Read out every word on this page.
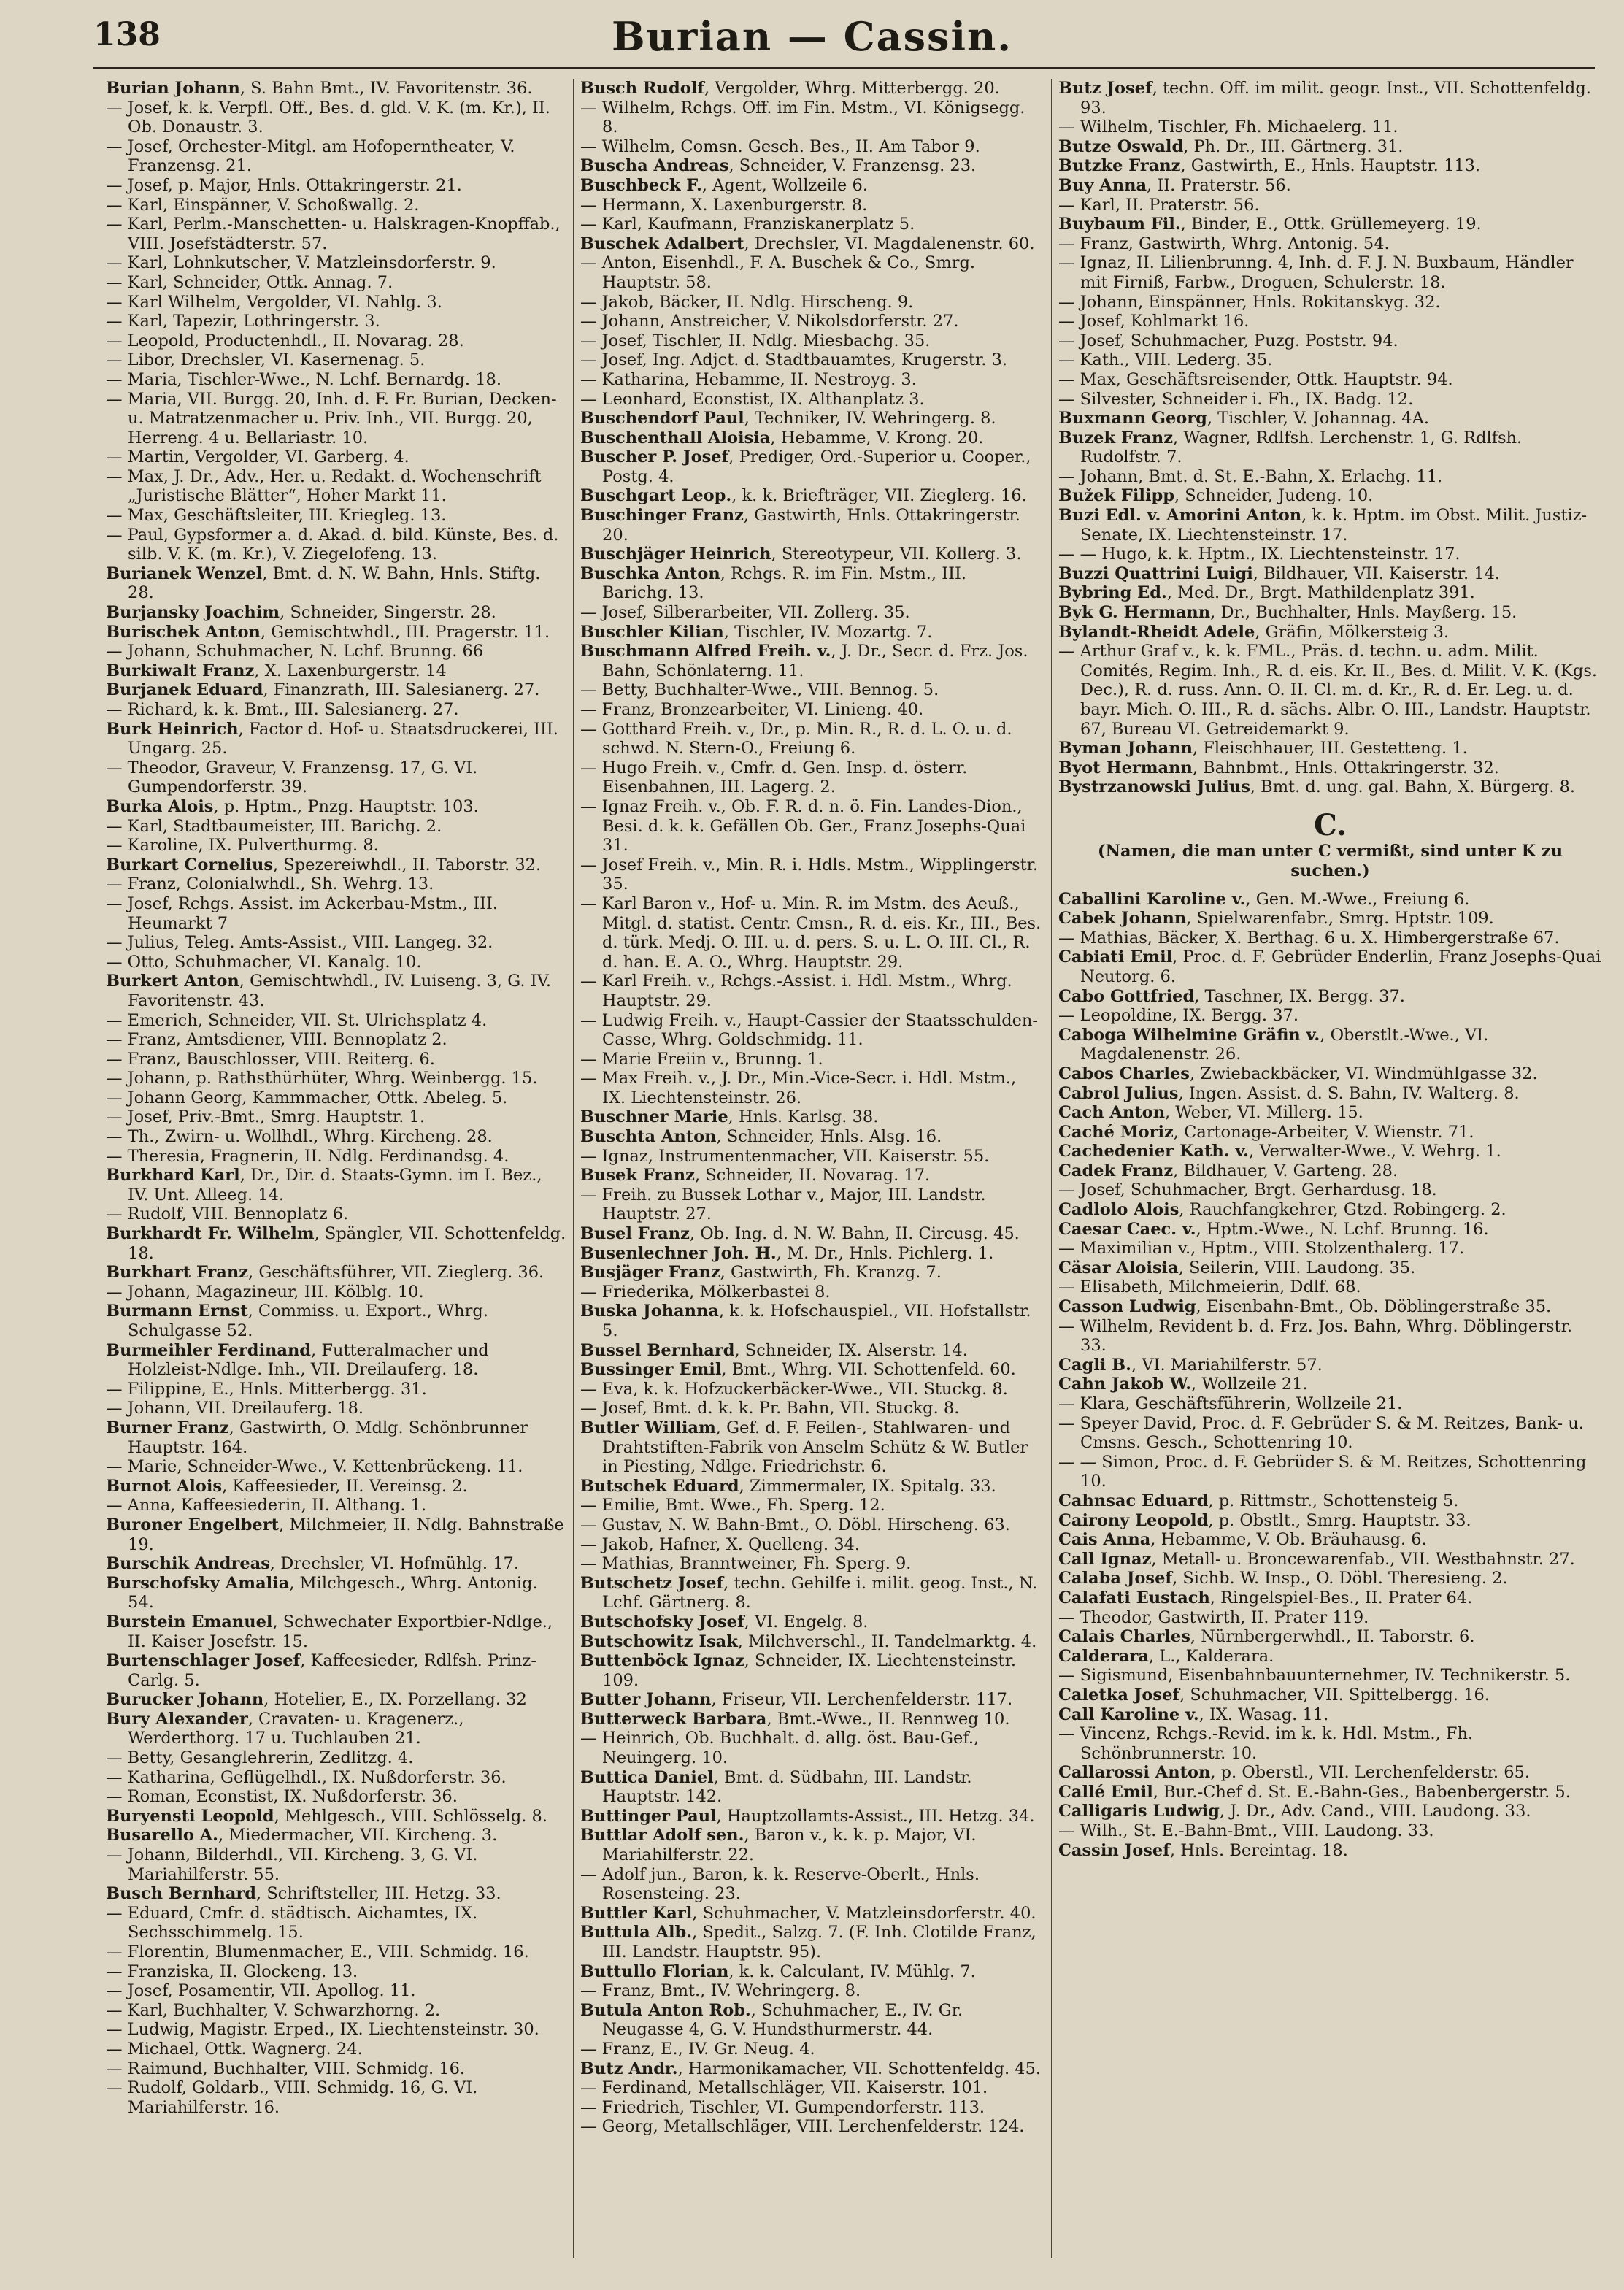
138	Burian — Cassin.
Burian Johann, S. Bahn Bmt., IV. Favoritenstr. 36.
— Josef, k. k. Verpfl. Off., Bes. d. gld. V. K. (m. Kr.), II. Ob. Donaustr. 3.
— Josef, Orchester-Mitgl. am Hofoperntheater, V. Franzensg. 21.
— Josef, p. Major, Hnls. Ottakringerstr. 21.
— Karl, Einspänner, V. Schoßwallg. 2.
— Karl, Perlm.-Manschetten- u. Halskragen-Knopffab., VIII. Josefstädterstr. 57.
— Karl, Lohnkutscher, V. Matzleinsdorferstr. 9.
— Karl, Schneider, Ottk. Annag. 7.
— Karl Wilhelm, Vergolder, VI. Nahlg. 3.
— Karl, Tapezir, Lothringerstr. 3.
— Leopold, Productenhdl., II. Novarag. 28.
— Libor, Drechsler, VI. Kasernenag. 5.
— Maria, Tischler-Wwe., N. Lchf. Bernardg. 18.
— Maria, VII. Burgg. 20, Inh. d. F. Fr. Burian, Decken- u. Matratzenmacher u. Priv. Inh., VII. Burgg. 20, Herreng. 4 u. Bellariastr. 10.
— Martin, Vergolder, VI. Garberg. 4.
— Max, J. Dr., Adv., Her. u. Redakt. d. Wochenschrift „Juristische Blätter“, Hoher Markt 11.
— Max, Geschäftsleiter, III. Kriegleg. 13.
— Paul, Gypsformer a. d. Akad. d. bild. Künste, Bes. d. silb. V. K. (m. Kr.), V. Ziegelofeng. 13.
Burianek Wenzel, Bmt. d. N. W. Bahn, Hnls. Stiftg. 28.
Burjansky Joachim, Schneider, Singerstr. 28.
Burischek Anton, Gemischtwhdl., III. Pragerstr. 11.
— Johann, Schuhmacher, N. Lchf. Brunng. 66
Burkiwalt Franz, X. Laxenburgerstr. 14
Burjanek Eduard, Finanzrath, III. Salesianerg. 27.
— Richard, k. k. Bmt., III. Salesianerg. 27.
Burk Heinrich, Factor d. Hof- u. Staatsdruckerei, III. Ungarg. 25.
— Theodor, Graveur, V. Franzensg. 17, G. VI. Gumpendorferstr. 39.
Burka Alois, p. Hptm., Pnzg. Hauptstr. 103.
— Karl, Stadtbaumeister, III. Barichg. 2.
— Karoline, IX. Pulverthurmg. 8.
Burkart Cornelius, Spezereiwhdl., II. Taborstr. 32.
— Franz, Colonialwhdl., Sh. Wehrg. 13.
— Josef, Rchgs. Assist. im Ackerbau-Mstm., III. Heumarkt 7
— Julius, Teleg. Amts-Assist., VIII. Langeg. 32.
— Otto, Schuhmacher, VI. Kanalg. 10.
Burkert Anton, Gemischtwhdl., IV. Luiseng. 3, G. IV. Favoritenstr. 43.
— Emerich, Schneider, VII. St. Ulrichsplatz 4.
— Franz, Amtsdiener, VIII. Bennoplatz 2.
— Franz, Bauschlosser, VIII. Reiterg. 6.
— Johann, p. Rathsthürhüter, Whrg. Weinbergg. 15.
— Johann Georg, Kammmacher, Ottk. Abeleg. 5.
— Josef, Priv.-Bmt., Smrg. Hauptstr. 1.
— Th., Zwirn- u. Wollhdl., Whrg. Kircheng. 28.
— Theresia, Fragnerin, II. Ndlg. Ferdinandsg. 4.
Burkhard Karl, Dr., Dir. d. Staats-Gymn. im I. Bez., IV. Unt. Alleeg. 14.
— Rudolf, VIII. Bennoplatz 6.
Burkhardt Fr. Wilhelm, Spängler, VII. Schottenfeldg. 18.
Burkhart Franz, Geschäftsführer, VII. Zieglerg. 36.
— Johann, Magazineur, III. Kölblg. 10.
Burmann Ernst, Commiss. u. Export., Whrg. Schulgasse 52.
Burmeihler Ferdinand, Futteralmacher und Holzleist-Ndlge. Inh., VII. Dreilauferg. 18.
— Filippine, E., Hnls. Mitterbergg. 31.
— Johann, VII. Dreilauferg. 18.
Burner Franz, Gastwirth, O. Mdlg. Schönbrunner Hauptstr. 164.
— Marie, Schneider-Wwe., V. Kettenbrückeng. 11.
Burnot Alois, Kaffeesieder, II. Vereinsg. 2.
— Anna, Kaffeesiederin, II. Althang. 1.
Buroner Engelbert, Milchmeier, II. Ndlg. Bahnstraße 19.
Burschik Andreas, Drechsler, VI. Hofmühlg. 17.
Burschofsky Amalia, Milchgesch., Whrg. Antonig. 54.
Burstein Emanuel, Schwechater Exportbier-Ndlge., II. Kaiser Josefstr. 15.
Burtenschlager Josef, Kaffeesieder, Rdlfsh. Prinz-Carlg. 5.
Burucker Johann, Hotelier, E., IX. Porzellang. 32
Bury Alexander, Cravaten- u. Kragenerz., Werderthorg. 17 u. Tuchlauben 21.
— Betty, Gesanglehrerin, Zedlitzg. 4.
— Katharina, Geflügelhdl., IX. Nußdorferstr. 36.
— Roman, Econstist, IX. Nußdorferstr. 36.
Buryensti Leopold, Mehlgesch., VIII. Schlösselg. 8.
Busarello A., Miedermacher, VII. Kircheng. 3.
— Johann, Bilderhdl., VII. Kircheng. 3, G. VI. Mariahilferstr. 55.
Busch Bernhard, Schriftsteller, III. Hetzg. 33.
— Eduard, Cmfr. d. städtisch. Aichamtes, IX. Sechsschimmelg. 15.
— Florentin, Blumenmacher, E., VIII. Schmidg. 16.
— Franziska, II. Glockeng. 13.
— Josef, Posamentir, VII. Apollog. 11.
— Karl, Buchhalter, V. Schwarzhorng. 2.
— Ludwig, Magistr. Erped., IX. Liechtensteinstr. 30.
— Michael, Ottk. Wagnerg. 24.
— Raimund, Buchhalter, VIII. Schmidg. 16.
— Rudolf, Goldarb., VIII. Schmidg. 16, G. VI. Mariahilferstr. 16.
Busch Rudolf, Vergolder, Whrg. Mitterbergg. 20.
— Wilhelm, Rchgs. Off. im Fin. Mstm., VI. Königsegg. 8.
— Wilhelm, Comsn. Gesch. Bes., II. Am Tabor 9.
Buscha Andreas, Schneider, V. Franzensg. 23.
Buschbeck F., Agent, Wollzeile 6.
— Hermann, X. Laxenburgerstr. 8.
— Karl, Kaufmann, Franziskanerplatz 5.
Buschek Adalbert, Drechsler, VI. Magdalenenstr. 60.
— Anton, Eisenhdl., F. A. Buschek & Co., Smrg. Hauptstr. 58.
— Jakob, Bäcker, II. Ndlg. Hirscheng. 9.
— Johann, Anstreicher, V. Nikolsdorferstr. 27.
— Josef, Tischler, II. Ndlg. Miesbachg. 35.
— Josef, Ing. Adjct. d. Stadtbauamtes, Krugerstr. 3.
— Katharina, Hebamme, II. Nestroyg. 3.
— Leonhard, Econstist, IX. Althanplatz 3.
Buschendorf Paul, Techniker, IV. Wehringerg. 8.
Buschenthall Aloisia, Hebamme, V. Krong. 20.
Buscher P. Josef, Prediger, Ord.-Superior u. Cooper., Postg. 4.
Buschgart Leop., k. k. Briefträger, VII. Zieglerg. 16.
Buschinger Franz, Gastwirth, Hnls. Ottakringerstr. 20.
Buschjäger Heinrich, Stereotypeur, VII. Kollerg. 3.
Buschka Anton, Rchgs. R. im Fin. Mstm., III. Barichg. 13.
— Josef, Silberarbeiter, VII. Zollerg. 35.
Buschler Kilian, Tischler, IV. Mozartg. 7.
Buschmann Alfred Freih. v., J. Dr., Secr. d. Frz. Jos. Bahn, Schönlaterng. 11.
— Betty, Buchhalter-Wwe., VIII. Bennog. 5.
— Franz, Bronzearbeiter, VI. Linieng. 40.
— Gotthard Freih. v., Dr., p. Min. R., R. d. L. O. u. d. schwd. N. Stern-O., Freiung 6.
— Hugo Freih. v., Cmfr. d. Gen. Insp. d. österr. Eisenbahnen, III. Lagerg. 2.
— Ignaz Freih. v., Ob. F. R. d. n. ö. Fin. Landes-Dion., Besi. d. k. k. Gefällen Ob. Ger., Franz Josephs-Quai 31.
— Josef Freih. v., Min. R. i. Hdls. Mstm., Wipplingerstr. 35.
— Karl Baron v., Hof- u. Min. R. im Mstm. des Aeuß., Mitgl. d. statist. Centr. Cmsn., R. d. eis. Kr., III., Bes. d. türk. Medj. O. III. u. d. pers. S. u. L. O. III. Cl., R. d. han. E. A. O., Whrg. Hauptstr. 29.
— Karl Freih. v., Rchgs.-Assist. i. Hdl. Mstm., Whrg. Hauptstr. 29.
— Ludwig Freih. v., Haupt-Cassier der Staatsschulden-Casse, Whrg. Goldschmidg. 11.
— Marie Freiin v., Brunng. 1.
— Max Freih. v., J. Dr., Min.-Vice-Secr. i. Hdl. Mstm., IX. Liechtensteinstr. 26.
Buschner Marie, Hnls. Karlsg. 38.
Buschta Anton, Schneider, Hnls. Alsg. 16.
— Ignaz, Instrumentenmacher, VII. Kaiserstr. 55.
Busek Franz, Schneider, II. Novarag. 17.
— Freih. zu Bussek Lothar v., Major, III. Landstr. Hauptstr. 27.
Busel Franz, Ob. Ing. d. N. W. Bahn, II. Circusg. 45.
Busenlechner Joh. H., M. Dr., Hnls. Pichlerg. 1.
Busjäger Franz, Gastwirth, Fh. Kranzg. 7.
— Friederika, Mölkerbastei 8.
Buska Johanna, k. k. Hofschauspiel., VII. Hofstallstr. 5.
Bussel Bernhard, Schneider, IX. Alserstr. 14.
Bussinger Emil, Bmt., Whrg. VII. Schottenfeld. 60.
— Eva, k. k. Hofzuckerbäcker-Wwe., VII. Stuckg. 8.
— Josef, Bmt. d. k. k. Pr. Bahn, VII. Stuckg. 8.
Butler William, Gef. d. F. Feilen-, Stahlwaren- und Drahtstiften-Fabrik von Anselm Schütz & W. Butler in Piesting, Ndlge. Friedrichstr. 6.
Butschek Eduard, Zimmermaler, IX. Spitalg. 33.
— Emilie, Bmt. Wwe., Fh. Sperg. 12.
— Gustav, N. W. Bahn-Bmt., O. Döbl. Hirscheng. 63.
— Jakob, Hafner, X. Quelleng. 34.
— Mathias, Branntweiner, Fh. Sperg. 9.
Butschetz Josef, techn. Gehilfe i. milit. geog. Inst., N. Lchf. Gärtnerg. 8.
Butschofsky Josef, VI. Engelg. 8.
Butschowitz Isak, Milchverschl., II. Tandelmarktg. 4.
Buttenböck Ignaz, Schneider, IX. Liechtensteinstr. 109.
Butter Johann, Friseur, VII. Lerchenfelderstr. 117.
Butterweck Barbara, Bmt.-Wwe., II. Rennweg 10.
— Heinrich, Ob. Buchhalt. d. allg. öst. Bau-Gef., Neuingerg. 10.
Buttica Daniel, Bmt. d. Südbahn, III. Landstr. Hauptstr. 142.
Buttinger Paul, Hauptzollamts-Assist., III. Hetzg. 34.
Buttlar Adolf sen., Baron v., k. k. p. Major, VI. Mariahilferstr. 22.
— Adolf jun., Baron, k. k. Reserve-Oberlt., Hnls. Rosensteing. 23.
Buttler Karl, Schuhmacher, V. Matzleinsdorferstr. 40.
Buttula Alb., Spedit., Salzg. 7. (F. Inh. Clotilde Franz, III. Landstr. Hauptstr. 95).
Buttullo Florian, k. k. Calculant, IV. Mühlg. 7.
— Franz, Bmt., IV. Wehringerg. 8.
Butula Anton Rob., Schuhmacher, E., IV. Gr. Neugasse 4, G. V. Hundsthurmerstr. 44.
— Franz, E., IV. Gr. Neug. 4.
Butz Andr., Harmonikamacher, VII. Schottenfeldg. 45.
— Ferdinand, Metallschläger, VII. Kaiserstr. 101.
— Friedrich, Tischler, VI. Gumpendorferstr. 113.
— Georg, Metallschläger, VIII. Lerchenfelderstr. 124.
Butz Josef, techn. Off. im milit. geogr. Inst., VII. Schottenfeldg. 93.
— Wilhelm, Tischler, Fh. Michaelerg. 11.
Butze Oswald, Ph. Dr., III. Gärtnerg. 31.
Butzke Franz, Gastwirth, E., Hnls. Hauptstr. 113.
Buy Anna, II. Praterstr. 56.
— Karl, II. Praterstr. 56.
Buybaum Fil., Binder, E., Ottk. Grüllemeyerg. 19.
— Franz, Gastwirth, Whrg. Antonig. 54.
— Ignaz, II. Lilienbrunng. 4, Inh. d. F. J. N. Buxbaum, Händler mit Firniß, Farbw., Droguen, Schulerstr. 18.
— Johann, Einspänner, Hnls. Rokitanskyg. 32.
— Josef, Kohlmarkt 16.
— Josef, Schuhmacher, Puzg. Poststr. 94.
— Kath., VIII. Lederg. 35.
— Max, Geschäftsreisender, Ottk. Hauptstr. 94.
— Silvester, Schneider i. Fh., IX. Badg. 12.
Buxmann Georg, Tischler, V. Johannag. 4A.
Buzek Franz, Wagner, Rdlfsh. Lerchenstr. 1, G. Rdlfsh. Rudolfstr. 7.
— Johann, Bmt. d. St. E.-Bahn, X. Erlachg. 11.
Bužek Filipp, Schneider, Judeng. 10.
Buzi Edl. v. Amorini Anton, k. k. Hptm. im Obst. Milit. Justiz-Senate, IX. Liechtensteinstr. 17.
— — Hugo, k. k. Hptm., IX. Liechtensteinstr. 17.
Buzzi Quattrini Luigi, Bildhauer, VII. Kaiserstr. 14.
Bybring Ed., Med. Dr., Brgt. Mathildenplatz 391.
Byk G. Hermann, Dr., Buchhalter, Hnls. Mayßerg. 15.
Bylandt-Rheidt Adele, Gräfin, Mölkersteig 3.
— Arthur Graf v., k. k. FML., Präs. d. techn. u. adm. Milit. Comités, Regim. Inh., R. d. eis. Kr. II., Bes. d. Milit. V. K. (Kgs. Dec.), R. d. russ. Ann. O. II. Cl. m. d. Kr., R. d. Er. Leg. u. d. bayr. Mich. O. III., R. d. sächs. Albr. O. III., Landstr. Hauptstr. 67, Bureau VI. Getreidemarkt 9.
Byman Johann, Fleischhauer, III. Gestetteng. 1.
Byot Hermann, Bahnbmt., Hnls. Ottakringerstr. 32.
Bystrzanowski Julius, Bmt. d. ung. gal. Bahn, X. Bürgerg. 8.
C.
(Namen, die man unter C vermißt, sind unter K zu suchen.)
Caballini Karoline v., Gen. M.-Wwe., Freiung 6.
Cabek Johann, Spielwarenfabr., Smrg. Hptstr. 109.
— Mathias, Bäcker, X. Berthag. 6 u. X. Himbergerstraße 67.
Cabiati Emil, Proc. d. F. Gebrüder Enderlin, Franz Josephs-Quai Neutorg. 6.
Cabo Gottfried, Taschner, IX. Bergg. 37.
— Leopoldine, IX. Bergg. 37.
Caboga Wilhelmine Gräfin v., Oberstlt.-Wwe., VI. Magdalenenstr. 26.
Cabos Charles, Zwiebackbäcker, VI. Windmühlgasse 32.
Cabrol Julius, Ingen. Assist. d. S. Bahn, IV. Walterg. 8.
Cach Anton, Weber, VI. Millerg. 15.
Caché Moriz, Cartonage-Arbeiter, V. Wienstr. 71.
Cachedenier Kath. v., Verwalter-Wwe., V. Wehrg. 1.
Cadek Franz, Bildhauer, V. Garteng. 28.
— Josef, Schuhmacher, Brgt. Gerhardusg. 18.
Cadlolo Alois, Rauchfangkehrer, Gtzd. Robingerg. 2.
Caesar Caec. v., Hptm.-Wwe., N. Lchf. Brunng. 16.
— Maximilian v., Hptm., VIII. Stolzenthalerg. 17.
Cäsar Aloisia, Seilerin, VIII. Laudong. 35.
— Elisabeth, Milchmeierin, Ddlf. 68.
Casson Ludwig, Eisenbahn-Bmt., Ob. Döblingerstraße 35.
— Wilhelm, Revident b. d. Frz. Jos. Bahn, Whrg. Döblingerstr. 33.
Cagli B., VI. Mariahilferstr. 57.
Cahn Jakob W., Wollzeile 21.
— Klara, Geschäftsführerin, Wollzeile 21.
— Speyer David, Proc. d. F. Gebrüder S. & M. Reitzes, Bank- u. Cmsns. Gesch., Schottenring 10.
— — Simon, Proc. d. F. Gebrüder S. & M. Reitzes, Schottenring 10.
Cahnsac Eduard, p. Rittmstr., Schottensteig 5.
Cairony Leopold, p. Obstlt., Smrg. Hauptstr. 33.
Cais Anna, Hebamme, V. Ob. Bräuhausg. 6.
Call Ignaz, Metall- u. Broncewarenfab., VII. Westbahnstr. 27.
Calaba Josef, Sichb. W. Insp., O. Döbl. Theresieng. 2.
Calafati Eustach, Ringelspiel-Bes., II. Prater 64.
— Theodor, Gastwirth, II. Prater 119.
Calais Charles, Nürnbergerwhdl., II. Taborstr. 6.
Calderara, L., Kalderara.
— Sigismund, Eisenbahnbauunternehmer, IV. Technikerstr. 5.
Caletka Josef, Schuhmacher, VII. Spittelbergg. 16.
Call Karoline v., IX. Wasag. 11.
— Vincenz, Rchgs.-Revid. im k. k. Hdl. Mstm., Fh. Schönbrunnerstr. 10.
Callarossi Anton, p. Oberstl., VII. Lerchenfelderstr. 65.
Callé Emil, Bur.-Chef d. St. E.-Bahn-Ges., Babenbergerstr. 5.
Calligaris Ludwig, J. Dr., Adv. Cand., VIII. Laudong. 33.
— Wilh., St. E.-Bahn-Bmt., VIII. Laudong. 33.
Cassin Josef, Hnls. Bereintag. 18.
